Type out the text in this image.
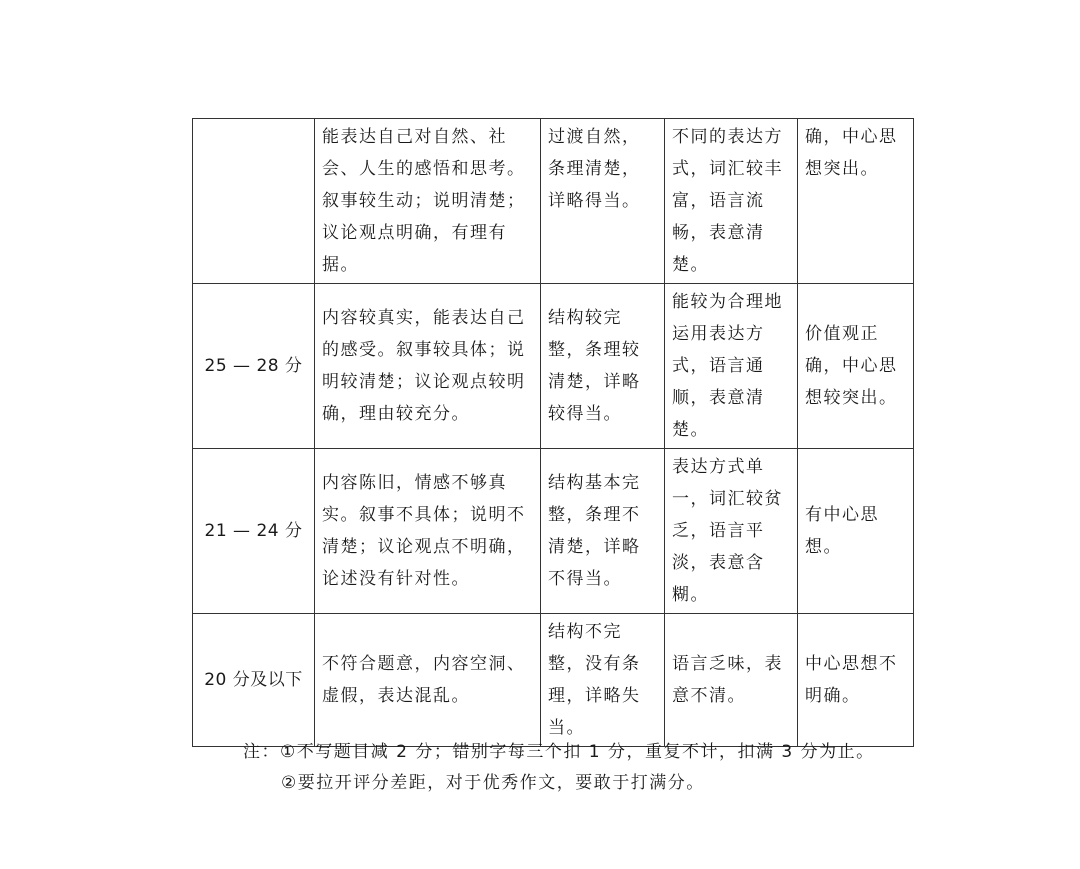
	能表达自己对自然、社会、人生的感悟和思考。叙事较生动；说明清楚；议论观点明确，有理有据。	过渡自然，条理清楚，详略得当。	不同的表达方式，词汇较丰富，语言流畅，表意清楚。	确，中心思想突出。
25 — 28 分	内容较真实，能表达自己的感受。叙事较具体；说明较清楚；议论观点较明确，理由较充分。	结构较完整，条理较清楚，详略较得当。	能较为合理地运用表达方式，语言通顺，表意清楚。	价值观正确，中心思想较突出。
21 — 24 分	内容陈旧，情感不够真实。叙事不具体；说明不清楚；议论观点不明确，论述没有针对性。	结构基本完整，条理不清楚，详略不得当。	表达方式单一，词汇较贫乏，语言平淡，表意含糊。	有中心思想。
20 分及以下	不符合题意，内容空洞、虚假，表达混乱。	结构不完整，没有条理，详略失当。	语言乏味，表意不清。	中心思想不明确。
注：①不写题目减 2 分；错别字每三个扣 1 分，重复不计，扣满 3 分为止。
②要拉开评分差距，对于优秀作文，要敢于打满分。
